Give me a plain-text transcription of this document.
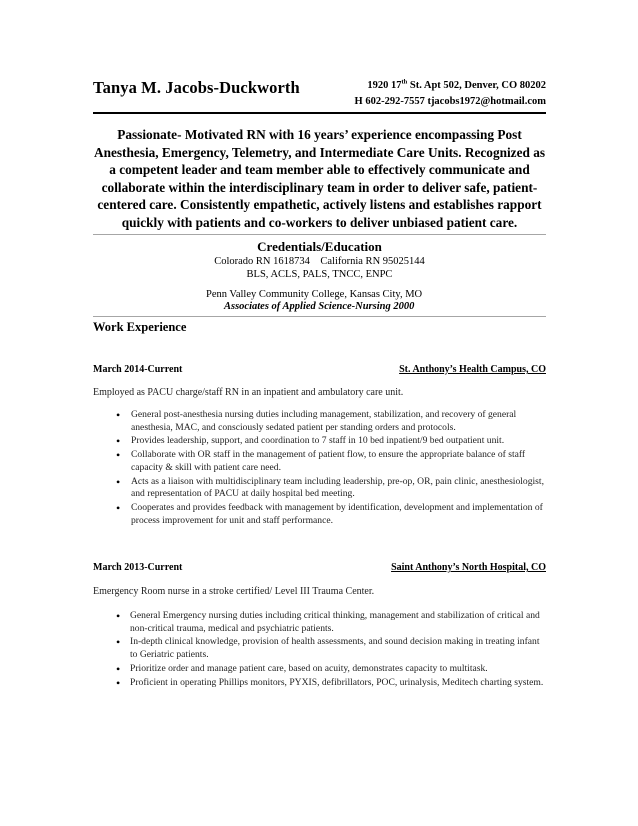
Tanya M. Jacobs-Duckworth	1920 17th St. Apt 502, Denver, CO 80202
H 602-292-7557 tjacobs1972@hotmail.com
Passionate- Motivated RN with 16 years’ experience encompassing Post Anesthesia, Emergency, Telemetry, and Intermediate Care Units. Recognized as a competent leader and team member able to effectively communicate and collaborate within the interdisciplinary team in order to deliver safe, patient-centered care. Consistently empathetic, actively listens and establishes rapport quickly with patients and co-workers to deliver unbiased patient care.
Credentials/Education
Colorado RN 1618734    California RN 95025144
BLS, ACLS, PALS, TNCC, ENPC
Penn Valley Community College, Kansas City, MO
Associates of Applied Science-Nursing 2000
Work Experience
March 2014-Current	St. Anthony’s Health Campus, CO
Employed as PACU charge/staff RN in an inpatient and ambulatory care unit.
• General post-anesthesia nursing duties including management, stabilization, and recovery of general anesthesia, MAC, and consciously sedated patient per standing orders and protocols.
• Provides leadership, support, and coordination to 7 staff in 10 bed inpatient/9 bed outpatient unit.
• Collaborate with OR staff in the management of patient flow, to ensure the appropriate balance of staff capacity & skill with patient care need.
• Acts as a liaison with multidisciplinary team including leadership, pre-op, OR, pain clinic, anesthesiologist, and representation of PACU at daily hospital bed meeting.
• Cooperates and provides feedback with management by identification, development and implementation of process improvement for unit and staff performance.
March 2013-Current	Saint Anthony’s North Hospital, CO
Emergency Room nurse in a stroke certified/ Level III Trauma Center.
• General Emergency nursing duties including critical thinking, management and stabilization of critical and non-critical trauma, medical and psychiatric patients.
• In-depth clinical knowledge, provision of health assessments, and sound decision making in treating infant to Geriatric patients.
• Prioritize order and manage patient care, based on acuity, demonstrates capacity to multitask.
• Proficient in operating Phillips monitors, PYXIS, defibrillators, POC, urinalysis, Meditech charting system.
